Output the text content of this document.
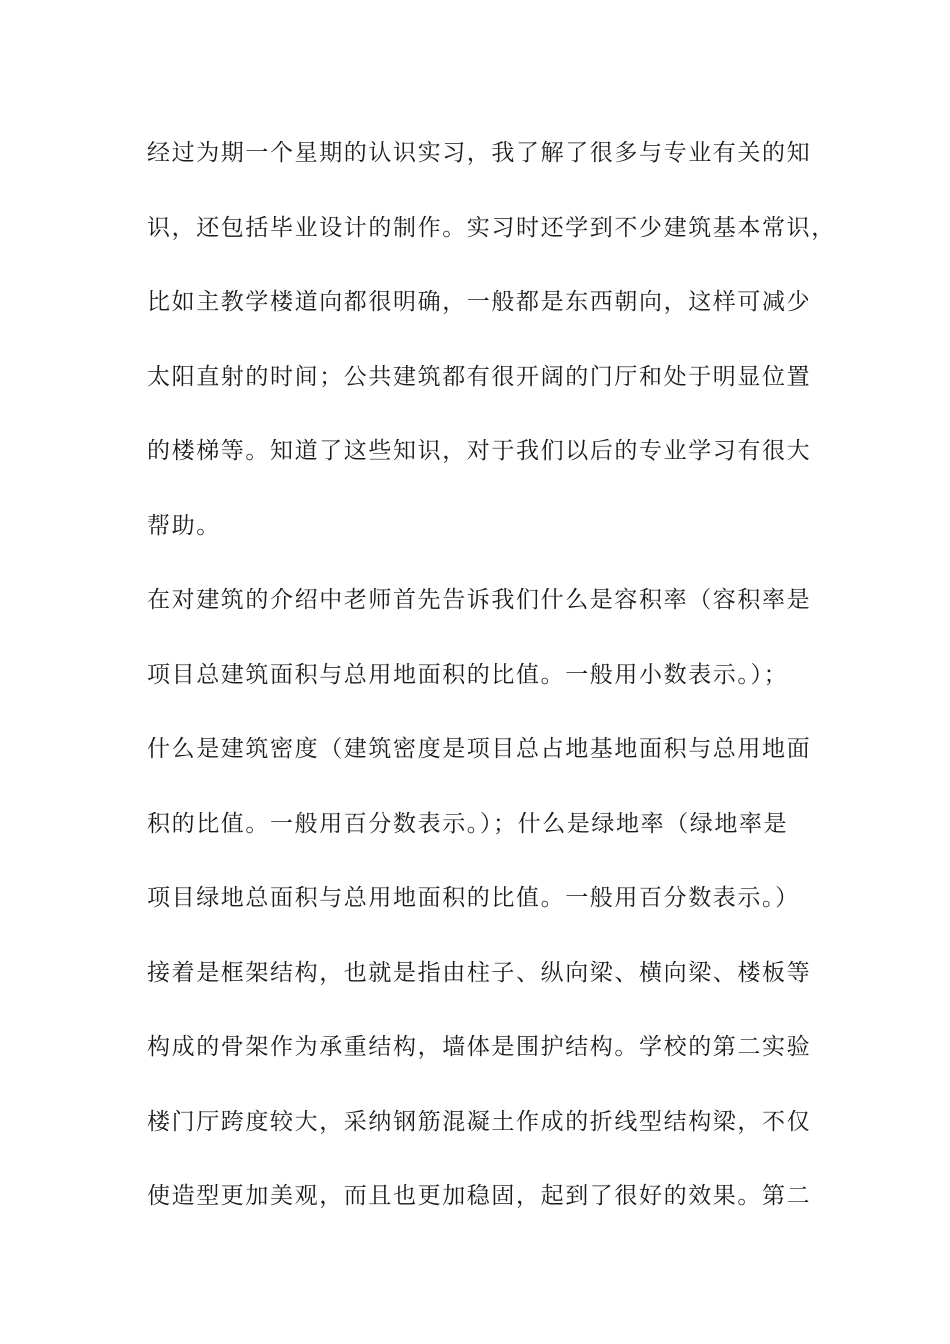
经过为期一个星期的认识实习，我了解了很多与专业有关的知
识，还包括毕业设计的制作。实习时还学到不少建筑基本常识，
比如主教学楼道向都很明确，一般都是东西朝向，这样可减少
太阳直射的时间；公共建筑都有很开阔的门厅和处于明显位置
的楼梯等。知道了这些知识，对于我们以后的专业学习有很大
帮助。
在对建筑的介绍中老师首先告诉我们什么是容积率（容积率是
项目总建筑面积与总用地面积的比值。一般用小数表示。）；
什么是建筑密度（建筑密度是项目总占地基地面积与总用地面
积的比值。一般用百分数表示。）；什么是绿地率（绿地率是
项目绿地总面积与总用地面积的比值。一般用百分数表示。）
接着是框架结构，也就是指由柱子、纵向梁、横向梁、楼板等
构成的骨架作为承重结构，墙体是围护结构。学校的第二实验
楼门厅跨度较大，采纳钢筋混凝土作成的折线型结构梁，不仅
使造型更加美观，而且也更加稳固，起到了很好的效果。第二
